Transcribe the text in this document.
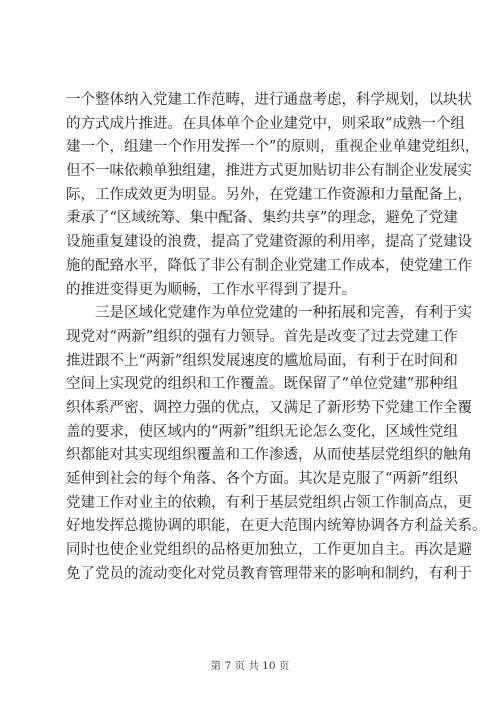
一个整体纳入党建工作范畴，进行通盘考虑，科学规划，以块状
的方式成片推进。在具体单个企业建党中，则采取“成熟一个组
建一个，组建一个作用发挥一个”的原则，重视企业单建党组织，
但不一味依赖单独组建，推进方式更加贴切非公有制企业发展实
际，工作成效更为明显。另外，在党建工作资源和力量配备上，
秉承了“区域统筹、集中配备、集约共享”的理念，避免了党建
设施重复建设的浪费，提高了党建资源的利用率，提高了党建设
施的配臵水平，降低了非公有制企业党建工作成本，使党建工作
的推进变得更为顺畅，工作水平得到了提升。
三是区域化党建作为单位党建的一种拓展和完善，有利于实
现党对“两新”组织的强有力领导。首先是改变了过去党建工作
推进跟不上“两新”组织发展速度的尴尬局面，有利于在时间和
空间上实现党的组织和工作覆盖。既保留了“单位党建”那种组
织体系严密、调控力强的优点，又满足了新形势下党建工作全覆
盖的要求，使区域内的“两新”组织无论怎么变化，区域性党组
织都能对其实现组织覆盖和工作渗透，从而使基层党组织的触角
延伸到社会的每个角落、各个方面。其次是克服了“两新”组织
党建工作对业主的依赖，有利于基层党组织占领工作制高点，更
好地发挥总揽协调的职能，在更大范围内统筹协调各方利益关系。
同时也使企业党组织的品格更加独立，工作更加自主。再次是避
免了党员的流动变化对党员教育管理带来的影响和制约，有利于
第 7 页 共 10 页
